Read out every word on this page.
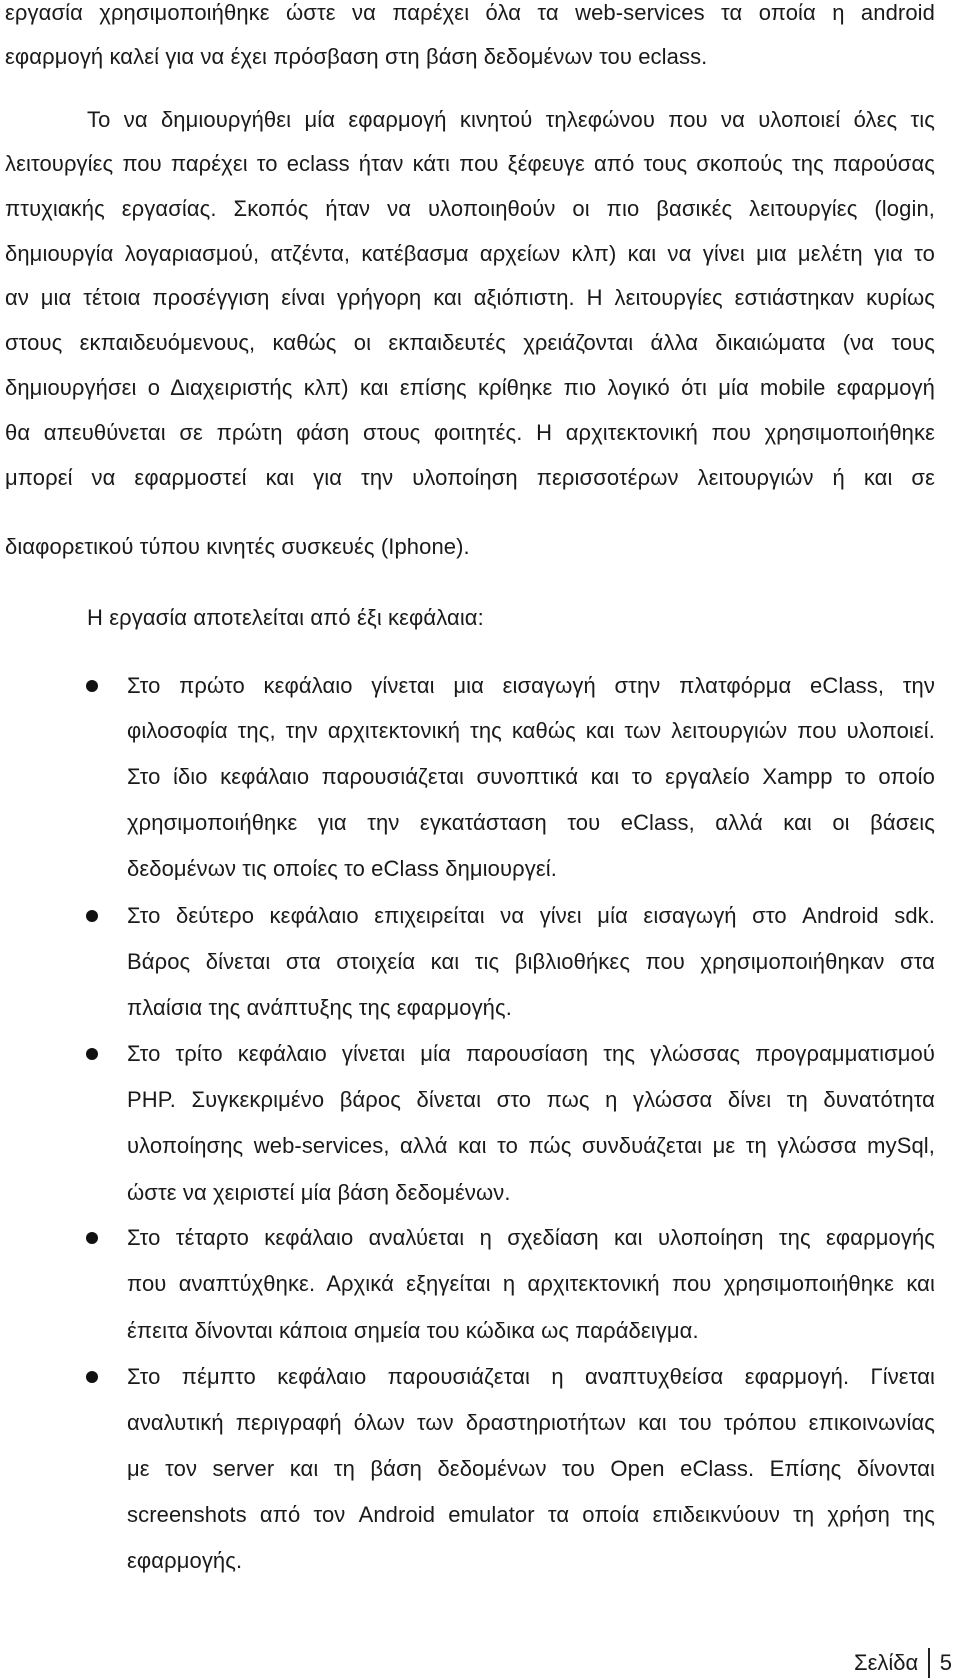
εργασία χρησιμοποιήθηκε ώστε να παρέχει όλα τα web-services τα οποία η android
εφαρμογή καλεί για να έχει πρόσβαση στη βάση δεδομένων του eclass.
Το να δημιουργήθει μία εφαρμογή κινητού τηλεφώνου που να υλοποιεί όλες τις
λειτουργίες που παρέχει το eclass ήταν κάτι που ξέφευγε από τους σκοπούς της παρούσας
πτυχιακής εργασίας. Σκοπός ήταν να υλοποιηθούν οι πιο βασικές λειτουργίες (login,
δημιουργία λογαριασμού, ατζέντα, κατέβασμα αρχείων κλπ) και να γίνει μια μελέτη για το
αν μια τέτοια προσέγγιση είναι γρήγορη και αξιόπιστη. Η λειτουργίες εστιάστηκαν κυρίως
στους εκπαιδευόμενους, καθώς οι εκπαιδευτές χρειάζονται άλλα δικαιώματα (να τους
δημιουργήσει ο Διαχειριστής κλπ) και επίσης κρίθηκε πιο λογικό ότι μία mobile εφαρμογή
θα απευθύνεται σε πρώτη φάση στους φοιτητές. Η αρχιτεκτονική που χρησιμοποιήθηκε
μπορεί να εφαρμοστεί και για την υλοποίηση περισσοτέρων λειτουργιών ή και σε
διαφορετικού τύπου κινητές συσκευές (Iphone).
Η εργασία αποτελείται από έξι κεφάλαια:
Στο πρώτο κεφάλαιο γίνεται μια εισαγωγή στην πλατφόρμα eClass, την
φιλοσοφία της, την αρχιτεκτονική της καθώς και των λειτουργιών που υλοποιεί.
Στο ίδιο κεφάλαιο παρουσιάζεται συνοπτικά και το εργαλείο Xampp το οποίο
χρησιμοποιήθηκε για την εγκατάσταση του eClass, αλλά και οι βάσεις
δεδομένων τις οποίες το eClass δημιουργεί.
Στο δεύτερο κεφάλαιο επιχειρείται να γίνει μία εισαγωγή στο Android sdk.
Βάρος δίνεται στα στοιχεία και τις βιβλιοθήκες που χρησιμοποιήθηκαν στα
πλαίσια της ανάπτυξης της εφαρμογής.
Στο τρίτο κεφάλαιο γίνεται μία παρουσίαση της γλώσσας προγραμματισμού
PHP. Συγκεκριμένο βάρος δίνεται στο πως η γλώσσα δίνει τη δυνατότητα
υλοποίησης web-services, αλλά και το πώς συνδυάζεται με τη γλώσσα mySql,
ώστε να χειριστεί μία βάση δεδομένων.
Στο τέταρτο κεφάλαιο αναλύεται η σχεδίαση και υλοποίηση της εφαρμογής
που αναπτύχθηκε. Αρχικά εξηγείται η αρχιτεκτονική που χρησιμοποιήθηκε και
έπειτα δίνονται κάποια σημεία του κώδικα ως παράδειγμα.
Στο πέμπτο κεφάλαιο παρουσιάζεται η αναπτυχθείσα εφαρμογή. Γίνεται
αναλυτική περιγραφή όλων των δραστηριοτήτων και του τρόπου επικοινωνίας
με τον server και τη βάση δεδομένων του Open eClass. Επίσης δίνονται
screenshots από τον Android emulator τα οποία επιδεικνύουν τη χρήση της
εφαρμογής.
Σελίδα 5
